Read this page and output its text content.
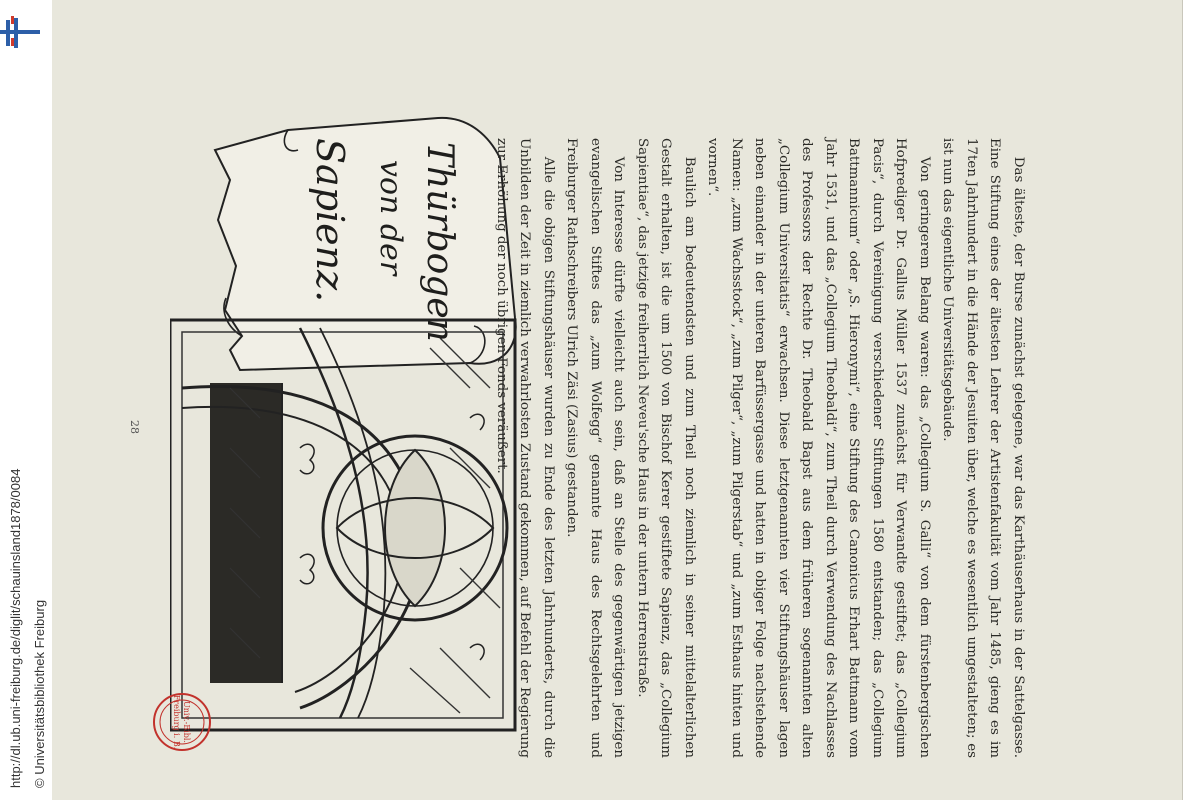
http://dl.ub.uni-freiburg.de/diglit/schauinsland1878/0084 © Universitätsbibliothek Freiburg
28
Thürbogen
von der
Sapienz.	Das älteste, der Burse zunächst gelegene, war das Karthäuserhaus in der Sattelgasse. Eine Stiftung eines der ältesten Lehrer der Artistenfakultät vom Jahr 1485, gieng es im 17ten Jahrhundert in die Hände der Jesuiten über, welche es wesentlich umgestalteten; es ist nun das eigentliche Universitätsgebäude.

Von geringerem Belang waren: das „Collegium S. Galli“ von dem fürstenbergischen Hofprediger Dr. Gallus Müller 1537 zunächst für Verwandte gestiftet; das „Collegium Pacis“, durch Vereinigung verschiedener Stiftungen 1580 entstanden; das „Collegium Battmannicum“ oder „S. Hieronymi“, eine Stiftung des Canonicus Erhart Battmann vom Jahr 1531, und das „Collegium Theobaldi“, zum Theil durch Verwendung des Nachlasses des Professors der Rechte Dr. Theobald Bapst aus dem früheren sogenannten alten „Collegium Universitatis“ erwachsen. Diese letztgenannten vier Stiftungshäuser lagen neben einander in der unteren Barfüssergasse und hatten in obiger Folge nachstehende Namen: „zum Wachsstock“, „zum Pilger“, „zum Pilgerstab“ und „zum Esthaus hinten und vornen“.

Baulich am bedeutendsten und zum Theil noch ziemlich in seiner mittelalterlichen Gestalt erhalten, ist die um 1500 von Bischof Kerer gestiftete Sapienz, das „Collegium Sapientiae“, das jetzige freiherrlich Neveu'sche Haus in der untern Herrenstraße.

Von Interesse dürfte vielleicht auch sein, daß an Stelle des gegenwärtigen jetzigen evangelischen Stiftes das „zum Wolfegg“ genannte Haus des Rechtsgelehrten und Freiburger Rathschreibers Ulrich Zäsi (Zasius) gestanden.

Alle die obigen Stiftungshäuser wurden zu Ende des letzten Jahrhunderts, durch die Unbilden der Zeit in ziemlich verwahrlosten Zustand gekommen, auf Befehl der Regierung zur Erhöhung der noch übrigen Fonds veräußert.

Univ.-Bibl.
Freiburg i. B.
